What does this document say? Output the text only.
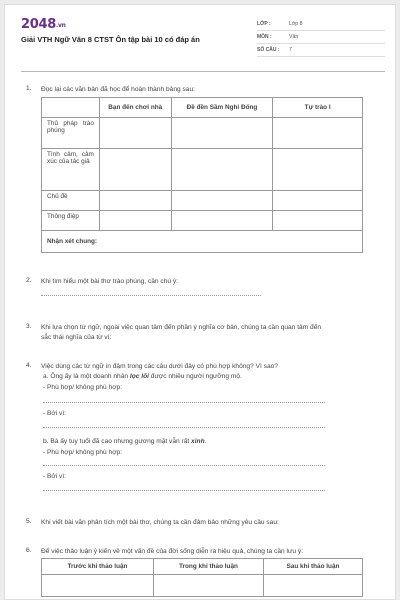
2048.vn
Giải VTH Ngữ Văn 8 CTST Ôn tập bài 10 có đáp án
LỚP :	Lớp 8
MÔN :	Văn
SỐ CÂU :	7
1. Đọc lại các văn bản đã học để hoàn thành bảng sau:
	Bạn đến chơi nhà	Đề đền Sầm Nghi Đống	Tự trào I
Thủ pháp trào phúng			
Tình cảm, cảm xúc của tác giả			
Chủ đề			
Thông điệp			
Nhận xét chung:			
2. Khi tìm hiểu một bài thơ trào phúng, cần chú ý:
3. Khi lựa chọn từ ngữ, ngoài việc quan tâm đến phần ý nghĩa cơ bản, chúng ta cần quan tâm đến
sắc thái nghĩa của từ vì:
4. Việc dùng các từ ngữ in đậm trong các câu dưới đây có phù hợp không? Vì sao?
a. Ông ấy là một doanh nhân lọc lõi được nhiều người ngưỡng mộ.
- Phù hợp/ không phù hợp:
- Bởi vì:
b. Bà ấy tuy tuổi đã cao nhưng gương mặt vẫn rất xinh.
- Phù hợp/ không phù hợp:
- Bởi vì:
5. Khi viết bài văn phân tích một bài thơ, chúng ta cần đảm bảo những yêu cầu sau:
6. Để việc thảo luận ý kiến về một vấn đề của đời sống diễn ra hiệu quả, chúng ta cần lưu ý:
Trước khi thảo luận	Trong khi thảo luận	Sau khi thảo luận
